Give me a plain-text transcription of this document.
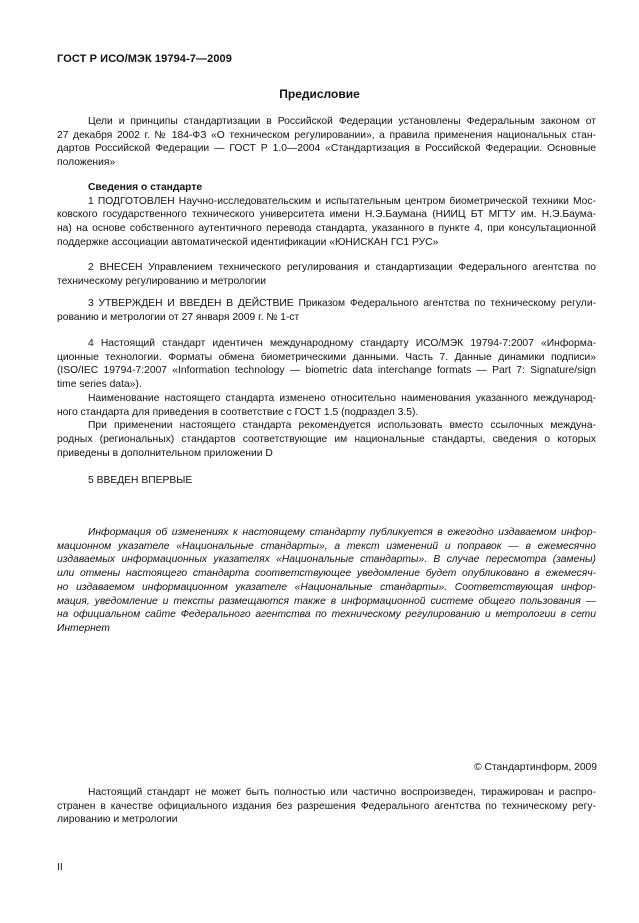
ГОСТ Р ИСО/МЭК 19794-7—2009
Предисловие
Цели и принципы стандартизации в Российской Федерации установлены Федеральным законом от
27 декабря 2002 г. № 184-ФЗ «О техническом регулировании», а правила применения национальных стан-
дартов Российской Федерации — ГОСТ Р 1.0—2004 «Стандартизация в Российской Федерации. Основные
положения»
Сведения о стандарте
1 ПОДГОТОВЛЕН Научно-исследовательским и испытательным центром биометрической техники Мос-
ковского государственного технического университета имени Н.Э.Баумана (НИИЦ БТ МГТУ им. Н.Э.Баума-
на) на основе собственного аутентичного перевода стандарта, указанного в пункте 4, при консультационной
поддержке ассоциации автоматической идентификации «ЮНИСКАН ГС1 РУС»
2 ВНЕСЕН Управлением технического регулирования и стандартизации Федерального агентства по
техническому регулированию и метрологии
3 УТВЕРЖДЕН И ВВЕДЕН В ДЕЙСТВИЕ Приказом Федерального агентства по техническому регули-
рованию и метрологии от 27 января 2009 г. № 1-ст
4 Настоящий стандарт идентичен международному стандарту ИСО/МЭК 19794-7:2007 «Информа-
ционные технологии. Форматы обмена биометрическими данными. Часть 7. Данные динамики подписи»
(ISO/IEC 19794-7:2007 «Information technology — biometric data interchange formats — Part 7: Signature/sign
time series data»).
Наименование настоящего стандарта изменено относительно наименования указанного международ-
ного стандарта для приведения в соответствие с ГОСТ 1.5 (подраздел 3.5).
При применении настоящего стандарта рекомендуется использовать вместо ссылочных междуна-
родных (региональных) стандартов соответствующие им национальные стандарты, сведения о которых
приведены в дополнительном приложении D
5 ВВЕДЕН ВПЕРВЫЕ
Информация об изменениях к настоящему стандарту публикуется в ежегодно издаваемом инфор-
мационном указателе «Национальные стандарты», а текст изменений и поправок — в ежемесячно
издаваемых информационных указателях «Национальные стандарты». В случае пересмотра (замены)
или отмены настоящего стандарта соответствующее уведомление будет опубликовано в ежемесяч-
но издаваемом информационном указателе «Национальные стандарты». Соответствующая инфор-
мация, уведомление и тексты размещаются также в информационной системе общего пользования —
на официальном сайте Федерального агентства по техническому регулированию и метрологии в сети
Интернет
© Стандартинформ, 2009
Настоящий стандарт не может быть полностью или частично воспроизведен, тиражирован и распро-
странен в качестве официального издания без разрешения Федерального агентства по техническому регу-
лированию и метрологии
II
